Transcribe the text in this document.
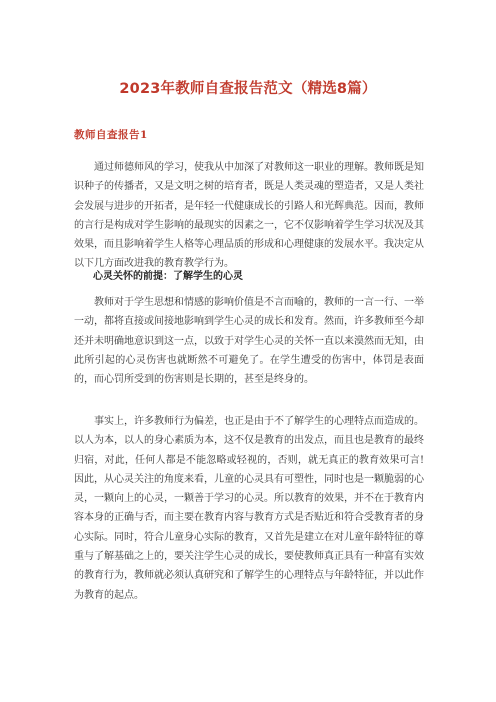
2023年教师自查报告范文（精选8篇）
教师自查报告1

通过师德师风的学习，使我从中加深了对教师这一职业的理解。教师既是知识种子的传播者，又是文明之树的培育者，既是人类灵魂的塑造者，又是人类社会发展与进步的开拓者，是年轻一代健康成长的引路人和光辉典范。因而，教师的言行是构成对学生影响的最现实的因素之一，它不仅影响着学生学习状况及其效果，而且影响着学生人格等心理品质的形成和心理健康的发展水平。我决定从以下几方面改进我的教育教学行为。

心灵关怀的前提：了解学生的心灵

教师对于学生思想和情感的影响价值是不言而喻的，教师的一言一行、一举一动，都将直接或间接地影响到学生心灵的成长和发育。然而，许多教师至今却还并未明确地意识到这一点，以致于对学生心灵的关怀一直以来漠然而无知，由此所引起的心灵伤害也就断然不可避免了。在学生遭受的伤害中，体罚是表面的，而心罚所受到的伤害则是长期的，甚至是终身的。

事实上，许多教师行为偏差，也正是由于不了解学生的心理特点而造成的。以人为本，以人的身心素质为本，这不仅是教育的出发点，而且也是教育的最终归宿，对此，任何人都是不能忽略或轻视的，否则，就无真正的教育效果可言!因此，从心灵关注的角度来看，儿童的心灵具有可塑性，同时也是一颗脆弱的心灵，一颗向上的心灵，一颗善于学习的心灵。所以教育的效果，并不在于教育内容本身的正确与否，而主要在教育内容与教育方式是否贴近和符合受教育者的身心实际。同时，符合儿童身心实际的教育，又首先是建立在对儿童年龄特征的尊重与了解基础之上的，要关注学生心灵的成长，要使教师真正具有一种富有实效的教育行为，教师就必须认真研究和了解学生的心理特点与年龄特征，并以此作为教育的起点。
